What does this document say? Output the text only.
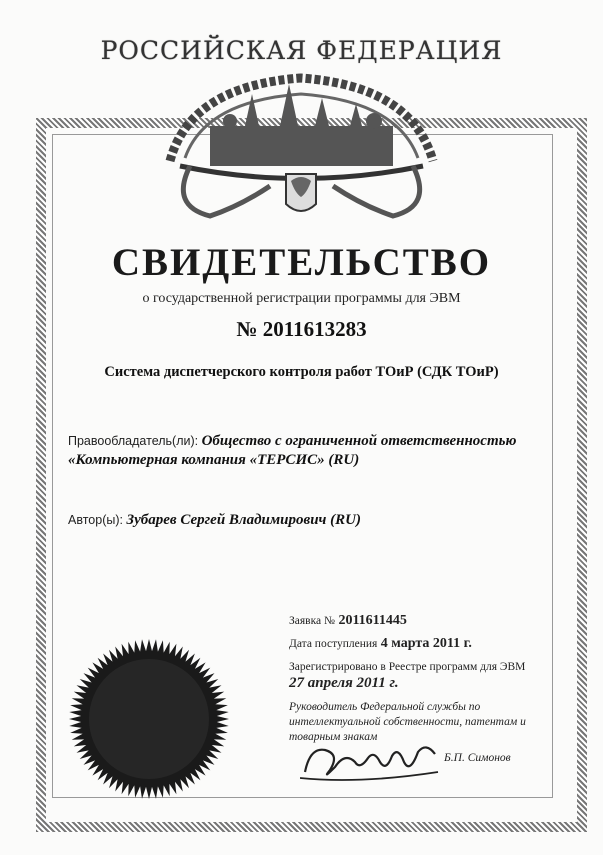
РОССИЙСКАЯ ФЕДЕРАЦИЯ
СВИДЕТЕЛЬСТВО
о государственной регистрации программы для ЭВМ
№ 2011613283
Система диспетчерского контроля работ ТОиР (СДК ТОиР)
Правообладатель(ли): Общество с ограниченной ответственностью
«Компьютерная компания «ТЕРСИС» (RU)
Автор(ы): Зубарев Сергей Владимирович (RU)
Заявка № 2011611445
Дата поступления 4 марта 2011 г.
Зарегистрировано в Реестре программ для ЭВМ
27 апреля 2011 г.
Руководитель Федеральной службы по интеллектуальной собственности, патентам и товарным знакам
Б.П. Симонов
